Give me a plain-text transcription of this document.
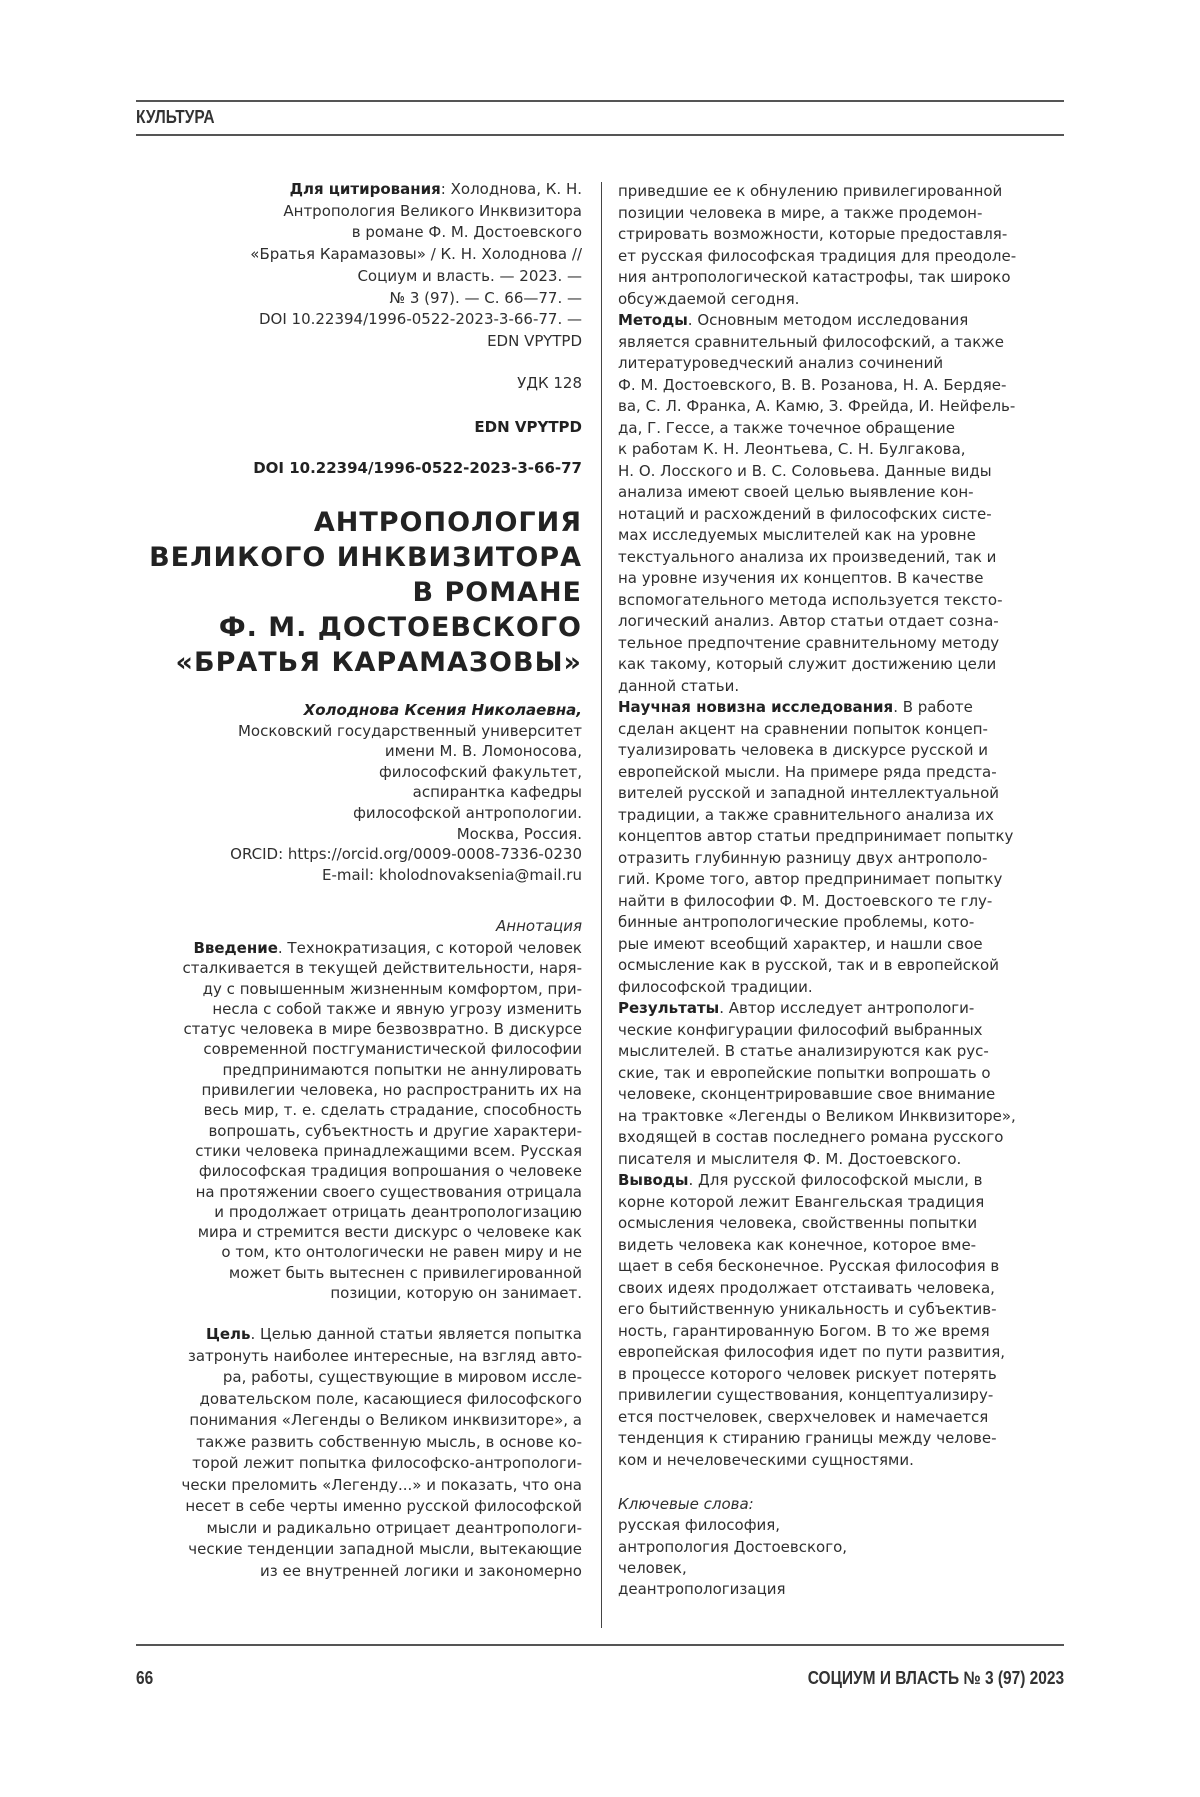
КУЛЬТУРА
Для цитирования: Холоднова, К. Н.
Антропология Великого Инквизитора
в романе Ф. М. Достоевского
«Братья Карамазовы» / К. Н. Холоднова //
Социум и власть. — 2023. —
№ 3 (97). — С. 66—77. —
DOI 10.22394/1996-0522-2023-3-66-77. —
EDN VPYTPD
УДК 128
EDN VPYTPD
DOI 10.22394/1996-0522-2023-3-66-77
АНТРОПОЛОГИЯ
ВЕЛИКОГО ИНКВИЗИТОРА
В РОМАНЕ
Ф. М. ДОСТОЕВСКОГО
«БРАТЬЯ КАРАМАЗОВЫ»
Холоднова Ксения Николаевна,
Московский государственный университет
имени М. В. Ломоносова,
философский факультет,
аспирантка кафедры
философской антропологии.
Москва, Россия.
ORCID: https://orcid.org/0009-0008-7336-0230
E-mail: kholodnovaksenia@mail.ru
Аннотация
Введение. Технократизация, с которой человек
сталкивается в текущей действительности, наря-
ду с повышенным жизненным комфортом, при-
несла с собой также и явную угрозу изменить
статус человека в мире безвозвратно. В дискурсе
современной постгуманистической философии
предпринимаются попытки не аннулировать
привилегии человека, но распространить их на
весь мир, т. е. сделать страдание, способность
вопрошать, субъектность и другие характери-
стики человека принадлежащими всем. Русская
философская традиция вопрошания о человеке
на протяжении своего существования отрицала
и продолжает отрицать деантропологизацию
мира и стремится вести дискурс о человеке как
о том, кто онтологически не равен миру и не
может быть вытеснен с привилегированной
позиции, которую он занимает.
Цель. Целью данной статьи является попытка
затронуть наиболее интересные, на взгляд авто-
ра, работы, существующие в мировом иссле-
довательском поле, касающиеся философского
понимания «Легенды о Великом инквизиторе», а
также развить собственную мысль, в основе ко-
торой лежит попытка философско-антропологи-
чески преломить «Легенду...» и показать, что она
несет в себе черты именно русской философской
мысли и радикально отрицает деантропологи-
ческие тенденции западной мысли, вытекающие
из ее внутренней логики и закономерно
приведшие ее к обнулению привилегированной
позиции человека в мире, а также продемон-
стрировать возможности, которые предоставля-
ет русская философская традиция для преодоле-
ния антропологической катастрофы, так широко
обсуждаемой сегодня.
Методы. Основным методом исследования
является сравнительный философский, а также
литературоведческий анализ сочинений
Ф. М. Достоевского, В. В. Розанова, Н. А. Бердяе-
ва, С. Л. Франка, А. Камю, З. Фрейда, И. Нейфель-
да, Г. Гессе, а также точечное обращение
к работам К. Н. Леонтьева, С. Н. Булгакова,
Н. О. Лосского и В. С. Соловьева. Данные виды
анализа имеют своей целью выявление кон-
нотаций и расхождений в философских систе-
мах исследуемых мыслителей как на уровне
текстуального анализа их произведений, так и
на уровне изучения их концептов. В качестве
вспомогательного метода используется тексто-
логический анализ. Автор статьи отдает созна-
тельное предпочтение сравнительному методу
как такому, который служит достижению цели
данной статьи.
Научная новизна исследования. В работе
сделан акцент на сравнении попыток концеп-
туализировать человека в дискурсе русской и
европейской мысли. На примере ряда предста-
вителей русской и западной интеллектуальной
традиции, а также сравнительного анализа их
концептов автор статьи предпринимает попытку
отразить глубинную разницу двух антрополо-
гий. Кроме того, автор предпринимает попытку
найти в философии Ф. М. Достоевского те глу-
бинные антропологические проблемы, кото-
рые имеют всеобщий характер, и нашли свое
осмысление как в русской, так и в европейской
философской традиции.
Результаты. Автор исследует антропологи-
ческие конфигурации философий выбранных
мыслителей. В статье анализируются как рус-
ские, так и европейские попытки вопрошать о
человеке, сконцентрировавшие свое внимание
на трактовке «Легенды о Великом Инквизиторе»,
входящей в состав последнего романа русского
писателя и мыслителя Ф. М. Достоевского.
Выводы. Для русской философской мысли, в
корне которой лежит Евангельская традиция
осмысления человека, свойственны попытки
видеть человека как конечное, которое вме-
щает в себя бесконечное. Русская философия в
своих идеях продолжает отстаивать человека,
его бытийственную уникальность и субъектив-
ность, гарантированную Богом. В то же время
европейская философия идет по пути развития,
в процессе которого человек рискует потерять
привилегии существования, концептуализиру-
ется постчеловек, сверхчеловек и намечается
тенденция к стиранию границы между челове-
ком и нечеловеческими сущностями.
Ключевые слова:
русская философия,
антропология Достоевского,
человек,
деантропологизация
66	СОЦИУМ И ВЛАСТЬ № 3 (97) 2023
